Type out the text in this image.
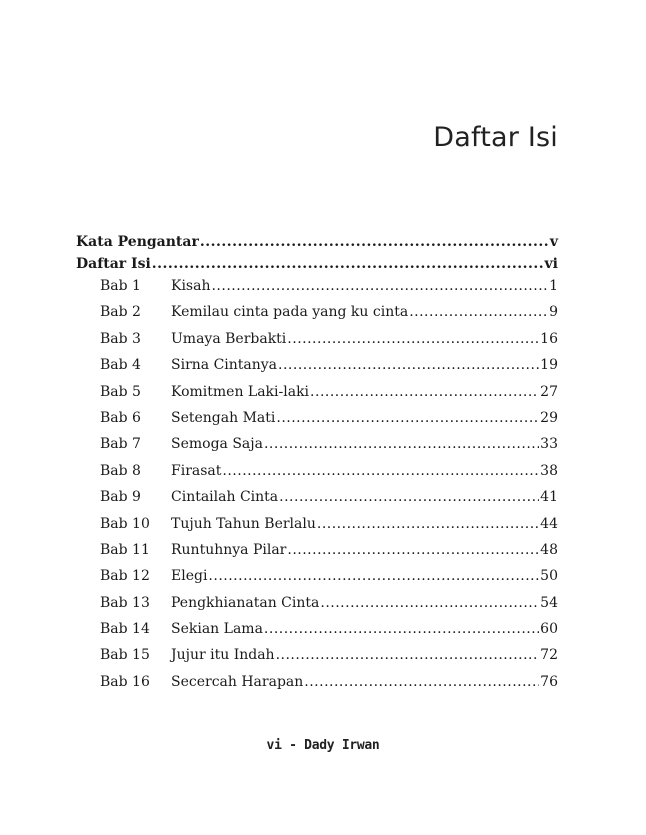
Daftar Isi
Kata Pengantar .....	v
Daftar Isi .....	vi
Bab 1	Kisah .....	1
Bab 2	Kemilau cinta pada yang ku cinta .....	9
Bab 3	Umaya Berbakti .....	16
Bab 4	Sirna Cintanya .....	19
Bab 5	Komitmen Laki-laki .....	27
Bab 6	Setengah Mati .....	29
Bab 7	Semoga Saja .....	33
Bab 8	Firasat .....	38
Bab 9	Cintailah Cinta .....	41
Bab 10	Tujuh Tahun Berlalu .....	44
Bab 11	Runtuhnya Pilar .....	48
Bab 12	Elegi .....	50
Bab 13	Pengkhianatan Cinta .....	54
Bab 14	Sekian Lama .....	60
Bab 15	Jujur itu Indah .....	72
Bab 16	Secercah Harapan .....	76
vi - Dady Irwan
